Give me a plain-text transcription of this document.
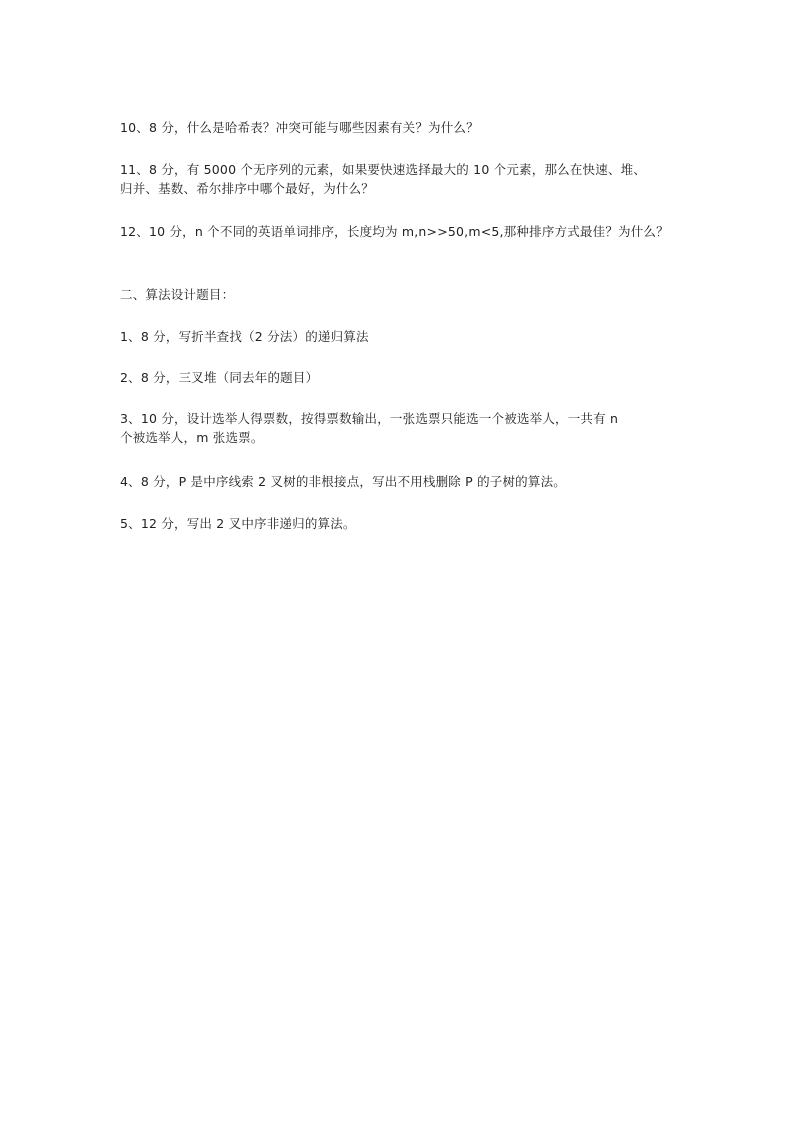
10、8 分，什么是哈希表？冲突可能与哪些因素有关？为什么？
11、8 分，有 5000 个无序列的元素，如果要快速选择最大的 10 个元素，那么在快速、堆、
归并、基数、希尔排序中哪个最好，为什么？
12、10 分，n 个不同的英语单词排序，长度均为 m,n>>50,m<5,那种排序方式最佳？为什么？
二、算法设计题目：
1、8 分，写折半查找（2 分法）的递归算法
2、8 分，三叉堆（同去年的题目）
3、10 分，设计选举人得票数，按得票数输出，一张选票只能选一个被选举人，一共有 n
个被选举人，m 张选票。
4、8 分，P 是中序线索 2 叉树的非根接点，写出不用栈删除 P 的子树的算法。
5、12 分，写出 2 叉中序非递归的算法。
